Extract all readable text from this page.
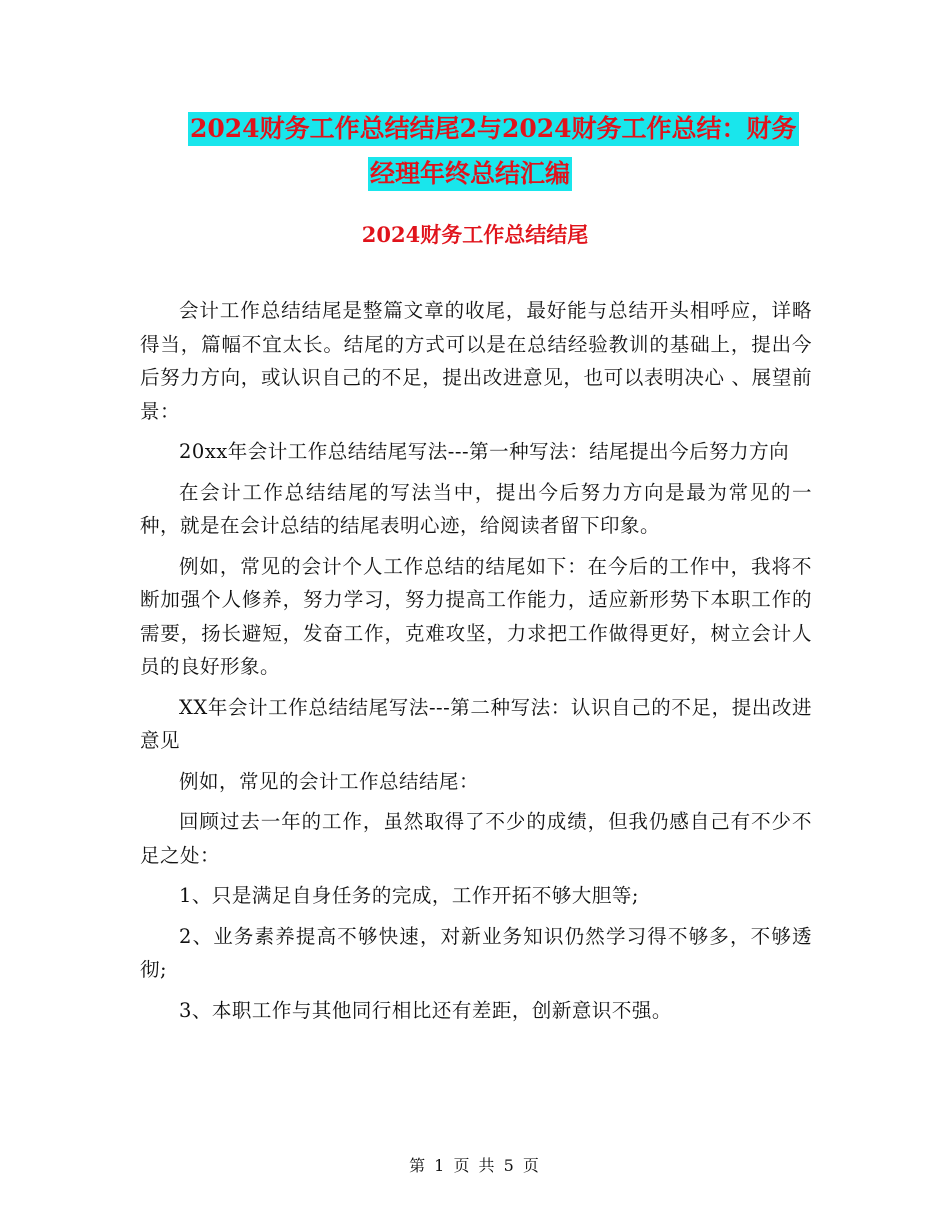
2024财务工作总结结尾2与2024财务工作总结：财务
经理年终总结汇编
2024财务工作总结结尾

会计工作总结结尾是整篇文章的收尾，最好能与总结开头相呼应，详略得当，篇幅不宜太长。结尾的方式可以是在总结经验教训的基础上，提出今后努力方向，或认识自己的不足，提出改进意见，也可以表明决心 、展望前景：

20xx年会计工作总结结尾写法---第一种写法：结尾提出今后努力方向

在会计工作总结结尾的写法当中，提出今后努力方向是最为常见的一种，就是在会计总结的结尾表明心迹，给阅读者留下印象。

例如，常见的会计个人工作总结的结尾如下：在今后的工作中，我将不断加强个人修养，努力学习，努力提高工作能力，适应新形势下本职工作的需要，扬长避短，发奋工作，克难攻坚，力求把工作做得更好，树立会计人员的良好形象。

XX年会计工作总结结尾写法---第二种写法：认识自己的不足，提出改进意见

例如，常见的会计工作总结结尾：

回顾过去一年的工作，虽然取得了不少的成绩，但我仍感自己有不少不足之处：

1、只是满足自身任务的完成，工作开拓不够大胆等;

2、业务素养提高不够快速，对新业务知识仍然学习得不够多，不够透彻;

3、本职工作与其他同行相比还有差距，创新意识不强。

第 1 页 共 5 页
